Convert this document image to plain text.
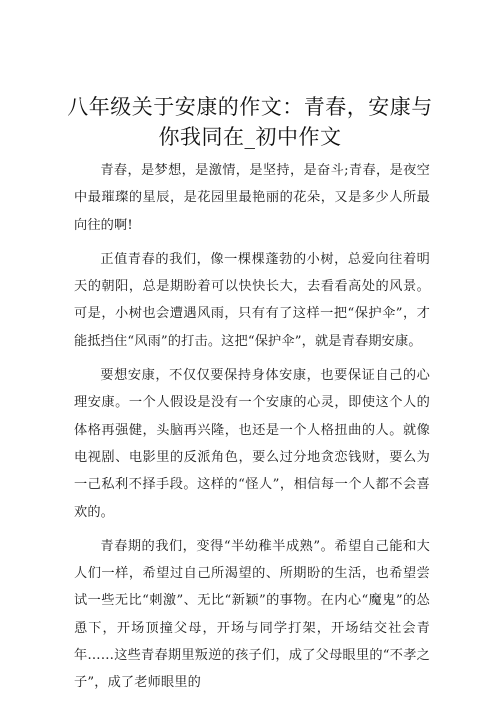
八年级关于安康的作文：青春，安康与你我同在_初中作文

青春，是梦想，是激情，是坚持，是奋斗;青春，是夜空中最璀璨的星辰，是花园里最艳丽的花朵，又是多少人所最向往的啊!

正值青春的我们，像一棵棵蓬勃的小树，总爱向往着明天的朝阳，总是期盼着可以快快长大，去看看高处的风景。可是，小树也会遭遇风雨，只有有了这样一把“保护伞”，才能抵挡住“风雨”的打击。这把“保护伞”，就是青春期安康。

要想安康，不仅仅要保持身体安康，也要保证自己的心理安康。一个人假设是没有一个安康的心灵，即使这个人的体格再强健，头脑再兴隆，也还是一个人格扭曲的人。就像电视剧、电影里的反派角色，要么过分地贪恋钱财，要么为一己私利不择手段。这样的“怪人”，相信每一个人都不会喜欢的。

青春期的我们，变得“半幼稚半成熟”。希望自己能和大人们一样，希望过自己所渴望的、所期盼的生活，也希望尝试一些无比“刺激”、无比“新颖”的事物。在内心“魔鬼”的怂恿下，开场顶撞父母，开场与同学打架，开场结交社会青年……这些青春期里叛逆的孩子们，成了父母眼里的“不孝之子”，成了老师眼里的
